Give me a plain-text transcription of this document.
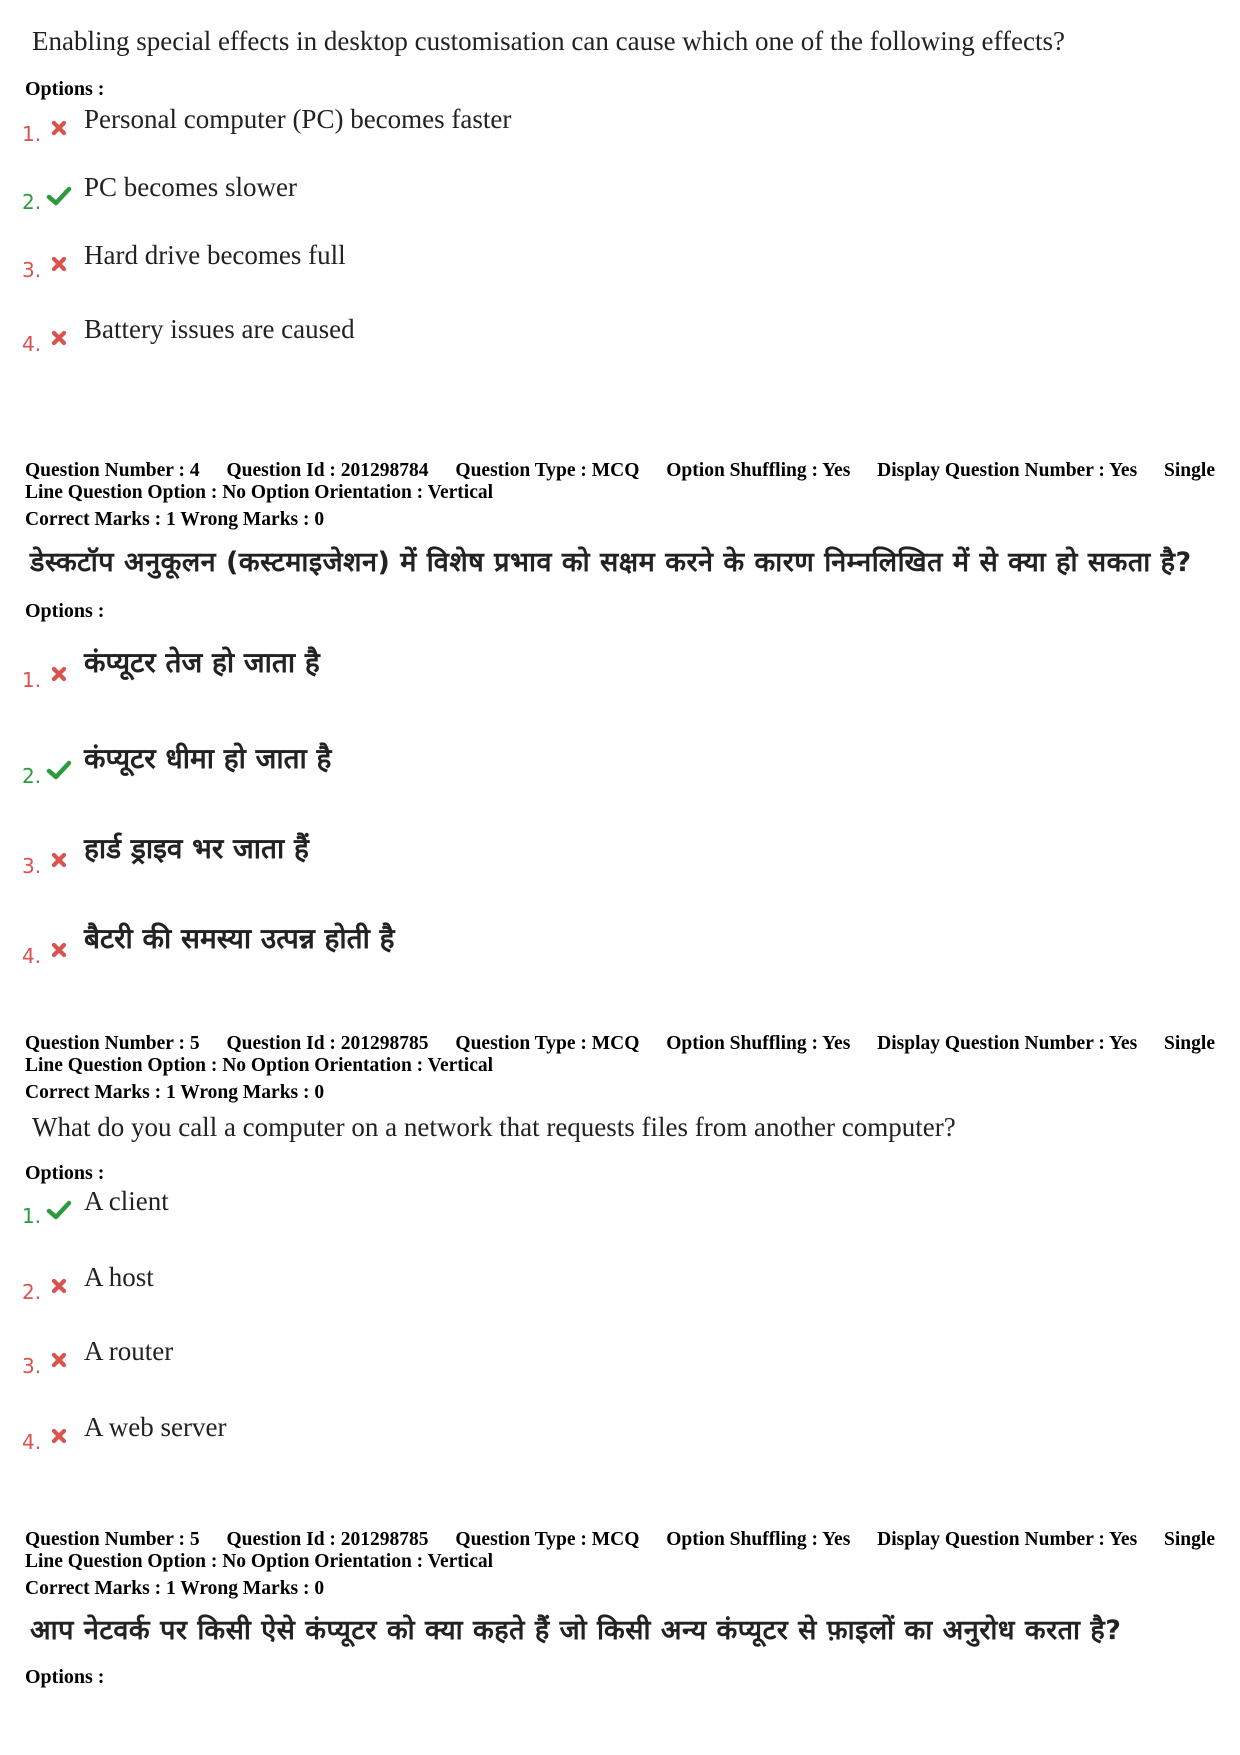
Enabling special effects in desktop customisation can cause which one of the following effects?
Options :
1. Personal computer (PC) becomes faster
2. PC becomes slower
3. Hard drive becomes full
4. Battery issues are caused
Question Number : 4 Question Id : 201298784 Question Type : MCQ Option Shuffling : Yes Display Question Number : Yes Single
Line Question Option : No Option Orientation : Vertical
Correct Marks : 1 Wrong Marks : 0
डेस्कटॉप अनुकूलन (कस्टमाइजेशन) में विशेष प्रभाव को सक्षम करने के कारण निम्नलिखित में से क्या हो सकता है?
Options :
1.
कंप्यूटर तेज हो जाता है
2.
कंप्यूटर धीमा हो जाता है
3.
हार्ड ड्राइव भर जाता हैं
4.
बैटरी की समस्या उत्पन्न होती है
Question Number : 5 Question Id : 201298785 Question Type : MCQ Option Shuffling : Yes Display Question Number : Yes Single
Line Question Option : No Option Orientation : Vertical
Correct Marks : 1 Wrong Marks : 0
What do you call a computer on a network that requests files from another computer?
Options :
1. A client
2. A host
3. A router
4. A web server
Question Number : 5 Question Id : 201298785 Question Type : MCQ Option Shuffling : Yes Display Question Number : Yes Single
Line Question Option : No Option Orientation : Vertical
Correct Marks : 1 Wrong Marks : 0
आप नेटवर्क पर किसी ऐसे कंप्यूटर को क्या कहते हैं जो किसी अन्य कंप्यूटर से फ़ाइलों का अनुरोध करता है?
Options :
